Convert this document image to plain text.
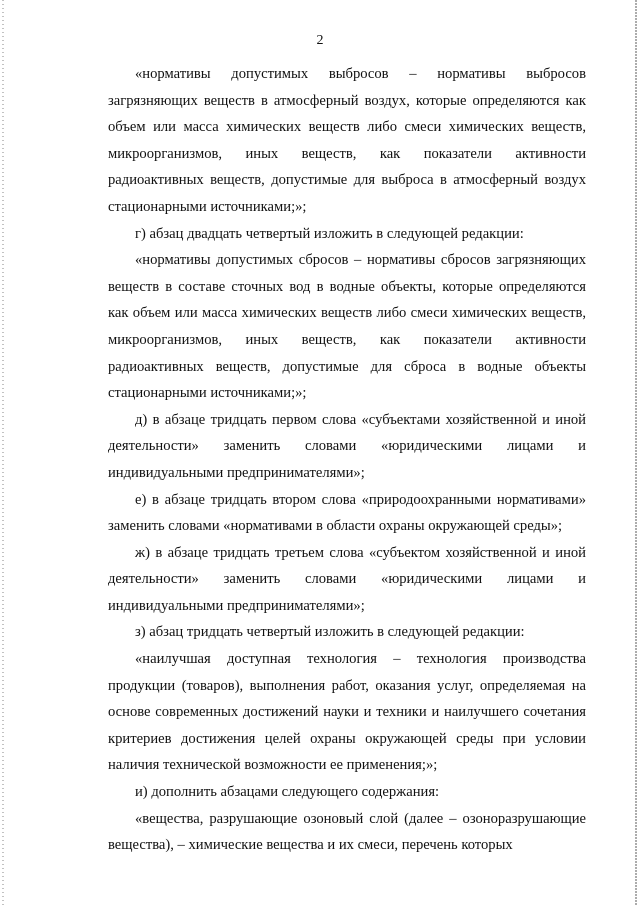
2

«нормативы допустимых выбросов – нормативы выбросов загрязняющих веществ в атмосферный воздух, которые определяются как объем или масса химических веществ либо смеси химических веществ, микроорганизмов, иных веществ, как показатели активности радиоактивных веществ, допустимые для выброса в атмосферный воздух стационарными источниками;»;

г) абзац двадцать четвертый изложить в следующей редакции:

«нормативы допустимых сбросов – нормативы сбросов загрязняющих веществ в составе сточных вод в водные объекты, которые определяются как объем или масса химических веществ либо смеси химических веществ, микроорганизмов, иных веществ, как показатели активности радиоактивных веществ, допустимые для сброса в водные объекты стационарными источниками;»;

д) в абзаце тридцать первом слова «субъектами хозяйственной и иной деятельности» заменить словами «юридическими лицами и индивидуальными предпринимателями»;

е) в абзаце тридцать втором слова «природоохранными нормативами» заменить словами «нормативами в области охраны окружающей среды»;

ж) в абзаце тридцать третьем слова «субъектом хозяйственной и иной деятельности» заменить словами «юридическими лицами и индивидуальными предпринимателями»;

з) абзац тридцать четвертый изложить в следующей редакции:

«наилучшая доступная технология – технология производства продукции (товаров), выполнения работ, оказания услуг, определяемая на основе современных достижений науки и техники и наилучшего сочетания критериев достижения целей охраны окружающей среды при условии наличия технической возможности ее применения;»;

и) дополнить абзацами следующего содержания:

«вещества, разрушающие озоновый слой (далее – озоноразрушающие вещества), – химические вещества и их смеси, перечень которых
